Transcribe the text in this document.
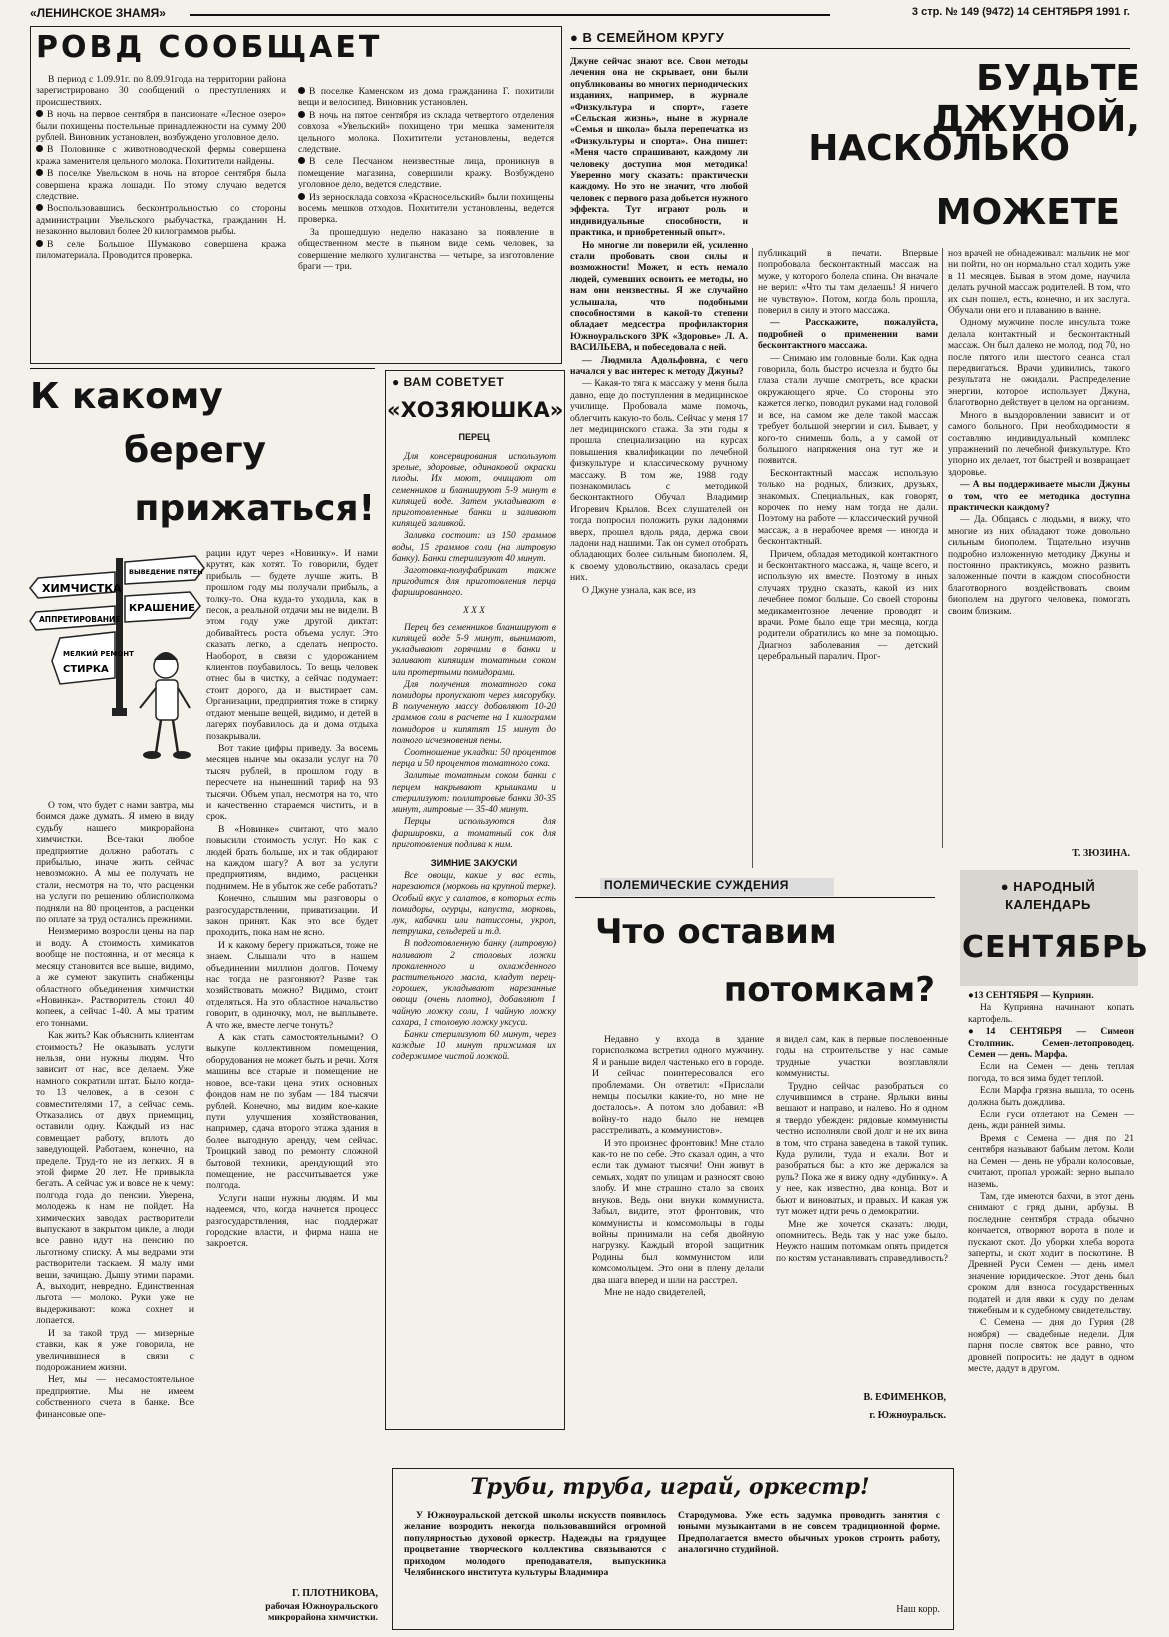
«ЛЕНИНСКОЕ ЗНАМЯ»	3 стр. № 149 (9472) 14 СЕНТЯБРЯ 1991 г.
РОВД СООБЩАЕТ

В период с 1.09.91г. по 8.09.91года на территории района зарегистрировано 30 сообщений о преступлениях и происшествиях.

В ночь на первое сентября в пансионате «Лесное озеро» были похищены постельные принадлежности на сумму 200 рублей. Виновник установлен, возбуждено уголовное дело.

В Половинке с животноводческой фермы совершена кража заменителя цельного молока. Похитители найдены.

В поселке Увельском в ночь на второе сентября была совершена кража лошади. По этому случаю ведется следствие.

Воспользовавшись бесконтрольностью со стороны администрации Увельского рыбучастка, гражданин Н. незаконно выловил более 20 килограммов рыбы.

В селе Большое Шумаково совершена кража пиломатериала. Проводится проверка.

В поселке Каменском из дома гражданина Г. похитили вещи и велосипед. Виновник установлен.

В ночь на пятое сентября из склада четвертого отделения совхоза «Увельский» похищено три мешка заменителя цельного молока. Похитители установлены, ведется следствие.

В селе Песчаном неизвестные лица, проникнув в помещение магазина, совершили кражу. Возбуждено уголовное дело, ведется следствие.

Из зерносклада совхоза «Красносельский» были похищены восемь мешков отходов. Похитители установлены, ведется проверка.

За прошедшую неделю наказано за появление в общественном месте в пьяном виде семь человек, за совершение мелкого хулиганства — четыре, за изготовление браги — три.

● В СЕМЕЙНОМ КРУГУ
БУДЬТЕ ДЖУНОЙ,
НАСКОЛЬКО
МОЖЕТЕ

Джуне сейчас знают все. Свои методы лечения она не скрывает, они были опубликованы во многих периодических изданиях, например, в журнале «Физкультура и спорт», газете «Сельская жизнь», ныне в журнале «Семья и школа» была перепечатка из «Физкультуры и спорта». Она пишет: «Меня часто спрашивают, каждому ли человеку доступна моя методика! Уверенно могу сказать: практически каждому. Но это не значит, что любой человек с первого раза добьется нужного эффекта. Тут играют роль и индивидуальные способности, и практика, и приобретенный опыт».

Но многие ли поверили ей, усиленно стали пробовать свои силы и возможности! Может, и есть немало людей, сумевших освоить ее методы, но нам они неизвестны. Я же случайно услышала, что подобными способностями в какой-то степени обладает медсестра профилактория Южноуральского ЗРК «Здоровье» Л. А. ВАСИЛЬЕВА, и побеседовала с ней.

— Людмила Адольфовна, с чего начался у вас интерес к методу Джуны?

— Какая-то тяга к массажу у меня была давно, еще до поступления в медицинское училище. Пробовала маме помочь, облегчить какую-то боль. Сейчас у меня 17 лет медицинского стажа. За эти годы я прошла специализацию на курсах повышения квалификации по лечебной физкультуре и классическому ручному массажу. В том же, 1988 году познакомилась с методикой бесконтактного Обучал Владимир Игоревич Крылов. Всех слушателей он тогда попросил положить руки ладонями вверх, прошел вдоль ряда, держа свои ладони над нашими. Так он сумел отобрать обладающих более сильным биополем. Я, к своему удовольствию, оказалась среди них.

О Джуне узнала, как все, из

публикаций в печати. Впервые попробовала бесконтактный массаж на муже, у которого болела спина. Он вначале не верил: «Что ты там делаешь! Я ничего не чувствую». Потом, когда боль прошла, поверил в силу и этого массажа.

— Расскажите, пожалуйста, подробней о применении вами бесконтактного массажа.

— Снимаю им головные боли. Как одна говорила, боль быстро исчезла и будто бы глаза стали лучше смотреть, все краски окружающего ярче. Со стороны это кажется легко, поводил руками над головой и все, на самом же деле такой массаж требует большой энергии и сил. Бывает, у кого-то снимешь боль, а у самой от большого напряжения она тут же и появится.

Бесконтактный массаж использую только на родных, близких, друзьях, знакомых. Специальных, как говорят, корочек по нему нам тогда не дали. Поэтому на работе — классический ручной массаж, а в нерабочее время — иногда и бесконтактный.

Причем, обладая методикой контактного и бесконтактного массажа, я, чаще всего, и использую их вместе. Поэтому в иных случаях трудно сказать, какой из них лечебнее помог больше. Со своей стороны медикаментозное лечение проводят и врачи. Роме было еще три месяца, когда родители обратились ко мне за помощью. Диагноз заболевания — детский церебральный паралич. Прог-

ноз врачей не обнадеживал: мальчик не мог ни пойти, но он нормально стал ходить уже в 11 месяцев. Бывая в этом доме, научила делать ручной массаж родителей. В том, что их сын пошел, есть, конечно, и их заслуга. Обучали они его и плаванию в ванне.

Одному мужчине после инсульта тоже делала контактный и бесконтактный массаж. Он был далеко не молод, под 70, но после пятого или шестого сеанса стал передвигаться. Врачи удивились, такого результата не ожидали. Распределение энергии, которое использует Джуна, благотворно действует в целом на организм.

Много в выздоровлении зависит и от самого больного. При необходимости я составляю индивидуальный комплекс упражнений по лечебной физкультуре. Кто упорно их делает, тот быстрей и возвращает здоровье.

— А вы поддерживаете мысли Джуны о том, что ее методика доступна практически каждому?

— Да. Общаясь с людьми, я вижу, что многие из них обладают тоже довольно сильным биополем. Тщательно изучив подробно изложенную методику Джуны и постоянно практикуясь, можно развить заложенные почти в каждом способности благотворного воздействовать своим биополем на другого человека, помогать своим близким.

Т. ЗЮЗИНА.
К какому
берегу
прижаться!
ХИМЧИСТКА
ВЫВЕДЕНИЕ ПЯТЕН
АППРЕТИРОВАНИЕ
КРАШЕНИЕ
МЕЛКИЙ РЕМОНТ
СТИРКА

О том, что будет с нами завтра, мы боимся даже думать. Я имею в виду судьбу нашего микрорайона химчистки. Все-таки любое предприятие должно работать с прибылью, иначе жить сейчас невозможно. А мы ее получать не стали, несмотря на то, что расценки на услуги по решению облисполкома подняли на 80 процентов, а расценки по оплате за труд остались прежними.

Неизмеримо возросли цены на пар и воду. А стоимость химикатов вообще не постоянна, и от месяца к месяцу становится все выше, видимо, а же сумеют закупить снабженцы областного объединения химчистки «Новинка». Растворитель стоил 40 копеек, а сейчас 1-40. А мы тратим его тоннами.

Как жить? Как объяснить клиентам стоимость? Не оказывать услуги нельзя, они нужны людям. Что зависит от нас, все делаем. Уже намного сократили штат. Было когда-то 13 человек, а в сезон с совместителями 17, а сейчас семь. Отказались от двух приемщиц, оставили одну. Каждый из нас совмещает работу, вплоть до заведующей. Работаем, конечно, на пределе. Труд-то не из легких. Я в этой фирме 20 лет. Не привыкла бегать. А сейчас уж и вовсе не к чему: полгода года до пенсии. Уверена, молодежь к нам не пойдет. На химических заводах растворители выпускают в закрытом цикле, а люди все равно идут на пенсию по льготному списку. А мы ведрами эти растворители таскаем. Я малу ими веши, зачищаю. Дышу этими парами. А, выходит, невредно. Единственная льгота — молоко. Руки уже не выдерживают: кожа сохнет и лопается.

И за такой труд — мизерные ставки, как я уже говорила, не увеличившиеся в связи с подорожанием жизни.

Нет, мы — несамостоятельное предприятие. Мы не имеем собственного счета в банке. Все финансовые опе-

рации идут через «Новинку». И нами крутят, как хотят. То говорили, будет прибыль — будете лучше жить. В прошлом году мы получали прибыль, а толку-то. Она куда-то уходила, как в песок, а реальной отдачи мы не видели. В этом году уже другой диктат: добивайтесь роста объема услуг. Это сказать легко, а сделать непросто. Наоборот, в связи с удорожанием клиентов поубавилось. То вещь человек отнес бы в чистку, а сейчас подумает: стоит дорого, да и выстирает сам. Организации, предприятия тоже в стирку отдают меньше вещей, видимо, и детей в лагерях поубавилось да и дома отдыха позакрывали.

Вот такие цифры приведу. За восемь месяцев нынче мы оказали услуг на 70 тысяч рублей, в прошлом году в пересчете на нынешний тариф на 93 тысячи. Объем упал, несмотря на то, что и качественно стараемся чистить, и в срок.

В «Новинке» считают, что мало повысили стоимость услуг. Но как с людей брать больше, их и так обдирают на каждом шагу? А вот за услуги предприятиям, видимо, расценки поднимем. Не в убыток же себе работать?

Конечно, слышим мы разговоры о разгосударствлении, приватизации. И закон принят. Как это все будет проходить, пока нам не ясно.

И к какому берегу прижаться, тоже не знаем. Слышали что в нашем объединении миллион долгов. Почему нас тогда не разгоняют? Разве так хозяйствовать можно? Видимо, стоит отделяться. На это областное начальство говорит, в одиночку, мол, не выплывете. А что же, вместе легче тонуть?

А как стать самостоятельными? О выкупе коллективном помещения, оборудования не может быть и речи. Хотя машины все старые и помещение не новое, все-таки цена этих основных фондов нам не по зубам — 184 тысячи рублей. Конечно, мы видим кое-какие пути улучшения хозяйствования, например, сдача второго этажа здания в более выгодную аренду, чем сейчас. Троицкий завод по ремонту сложной бытовой техники, арендующий это помещение, не рассчитывается уже полгода.

Услуги наши нужны людям. И мы надеемся, что, когда начнется процесс разгосударствления, нас поддержат городские власти, и фирма наша не закроется.

Г. ПЛОТНИКОВА,
рабочая Южноуральского микрорайона химчистки.
● ВАМ СОВЕТУЕТ
«ХОЗЯЮШКА»
ПЕРЕЦ

Для консервирования используют зрелые, здоровые, одинаковой окраски плоды. Их моют, очищают от семенников и бланшируют 5-9 минут в кипящей воде. Затем укладывают в приготовленные банки и заливают кипящей заливкой.

Заливка состоит: из 150 граммов воды, 15 граммов соли (на литровую банку). Банки стерилизуют 40 минут.

Заготовка-полуфабрикат также пригодится для приготовления перца фаршированного.

Х Х Х

Перец без семенников бланшируют в кипящей воде 5-9 минут, вынимают, укладывают горячими в банки и заливают кипящим томатным соком или протертыми помидорами.

Для получения томатного сока помидоры пропускают через мясорубку. В полученную массу добавляют 10-20 граммов соли в расчете на 1 килограмм помидоров и кипятят 15 минут до полного исчезновения пены.

Соотношение укладки: 50 процентов перца и 50 процентов томатного сока.

Залитые томатным соком банки с перцем накрывают крышками и стерилизуют: поллитровые банки 30-35 минут, литровые — 35-40 минут.

Перцы используются для фаршировки, а томатный сок для приготовления подлива к ним.

ЗИМНИЕ ЗАКУСКИ

Все овощи, какие у вас есть, нарезаются (морковь на крупной терке). Особый вкус у салатов, в которых есть помидоры, огурцы, капуста, морковь, лук, кабачки или патиссоны, укроп, петрушка, сельдерей и т.д.

В подготовленную банку (литровую) наливают 2 столовых ложки прокаленного и охлажденного растительного масла, кладут перец-горошек, укладывают нарезанные овощи (очень плотно), добавляют 1 чайную ложку соли, 1 чайную ложку сахара, 1 столовую ложку уксуса.

Банки стерилизуют 60 минут, через каждые 10 минут прижимая их содержимое чистой ложкой.

ПОЛЕМИЧЕСКИЕ СУЖДЕНИЯ
Что оставим
потомкам?

Недавно у входа в здание горисполкома встретил одного мужчину. Я и раньше видел частенько его в городе. И сейчас поинтересовался его проблемами. Он ответил: «Прислали немцы посылки какие-то, но мне не досталось». А потом зло добавил: «В войну-то надо было не немцев расстреливать, а коммунистов».

И это произнес фронтовик! Мне стало как-то не по себе. Это сказал один, а что если так думают тысячи! Они живут в семьях, ходят по улицам и разносят свою злобу. И мне страшно стало за своих внуков. Ведь они внуки коммуниста. Забыл, видите, этот фронтовик, что коммунисты и комсомольцы в годы войны принимали на себя двойную нагрузку. Каждый второй защитник Родины был коммунистом или комсомольцем. Это они в плену делали два шага вперед и шли на расстрел.

Мне не надо свидетелей,

я видел сам, как в первые послевоенные годы на строительстве у нас самые трудные участки возглавляли коммунисты.

Трудно сейчас разобраться со случившимся в стране. Ярлыки вины вешают и направо, и налево. Но я одном я твердо убежден: рядовые коммунисты честно исполняли свой долг и не их вина в том, что страна заведена в такой тупик. Куда рулили, туда и ехали. Вот и разобраться бы: а кто же держался за руль? Пока же я вижу одну «дубинку». А у нее, как известно, два конца. Вот и бьют и виноватых, и правых. И какая уж тут может идти речь о демократии.

Мне же хочется сказать: люди, опомнитесь. Ведь так у нас уже было. Неужто нашим потомкам опять придется по костям устанавливать справедливость?

В. ЕФИМЕНКОВ,
г. Южноуральск.
● НАРОДНЫЙ КАЛЕНДАРЬ
СЕНТЯБРЬ

●13 СЕНТЯБРЯ — Куприян.

На Куприяна начинают копать картофель.

●14 СЕНТЯБРЯ — Симеон Столпник. Семен-летопроводец. Семен — день. Марфа.

Если на Семен — день теплая погода, то вся зима будет теплой.

Если Марфа грязна вышла, то осень должна быть дождлива.

Если гуси отлетают на Семен — день, жди ранней зимы.

Время с Семена — дня по 21 сентября называют бабьим летом. Коли на Семен — день не убрали колосовые, считают, пропал урожай: зерно выпало наземь.

Там, где имеются бахчи, в этот день снимают с гряд дыни, арбузы. В последние сентября страда обычно кончается, отворяют ворота в поле и пускают скот. До уборки хлеба ворота заперты, и скот ходит в поскотине. В Древней Руси Семен — день имел значение юридическое. Этот день был сроком для взноса государственных податей и для явки к суду по делам тяжебным и к судебному свидетельству.

С Семена — дня до Гурия (28 ноября) — свадебные недели. Для парня после святок все равно, что дровней попросить: не дадут в одном месте, дадут в другом.

Труби, труба, играй, оркестр!

У Южноуральской детской школы искусств появилось желание возродить некогда пользовавшийся огромной популярностью духовой оркестр. Надежды на грядущее процветание творческого коллектива связываются с приходом молодого преподавателя, выпускника Челябинского института культуры Владимира

Стародумова. Уже есть задумка проводить занятия с юными музыкантами в не совсем традиционной форме. Предполагается вместо обычных уроков строить работу, аналогично студийной.

Наш корр.
